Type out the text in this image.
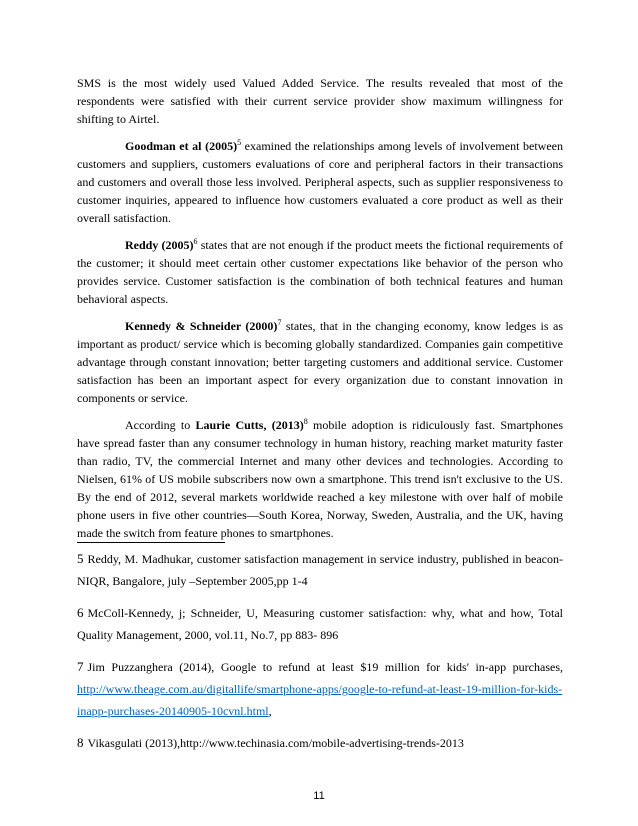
SMS is the most widely used Valued Added Service. The results revealed that most of the respondents were satisfied with their current service provider show maximum willingness for shifting to Airtel.

Goodman et al $(2005)^5$ examined the relationships among levels of involvement between customers and suppliers, customers evaluations of core and peripheral factors in their transactions and customers and overall those less involved. Peripheral aspects, such as supplier responsiveness to customer inquiries, appeared to influence how customers evaluated a core product as well as their overall satisfaction.

Reddy $(2005)^6$ states that are not enough if the product meets the fictional requirements of the customer; it should meet certain other customer expectations like behavior of the person who provides service. Customer satisfaction is the combination of both technical features and human behavioral aspects.

Kennedy & Schneider $(2000)^7$ states, that in the changing economy, know ledges is as important as product/ service which is becoming globally standardized. Companies gain competitive advantage through constant innovation; better targeting customers and additional service. Customer satisfaction has been an important aspect for every organization due to constant innovation in components or service.

According to Laurie Cutts, $(2013)^8$ mobile adoption is ridiculously fast. Smartphones have spread faster than any consumer technology in human history, reaching market maturity faster than radio, TV, the commercial Internet and many other devices and technologies. According to Nielsen, 61% of US mobile subscribers now own a smartphone. This trend isn't exclusive to the US. By the end of 2012, several markets worldwide reached a key milestone with over half of mobile phone users in five other countries—South Korea, Norway, Sweden, Australia, and the UK, having made the switch from feature phones to smartphones.

5 Reddy, M. Madhukar, customer satisfaction management in service industry, published in beacon- NIQR, Bangalore, july –September 2005,pp 1-4

6 McColl-Kennedy, j; Schneider, U, Measuring customer satisfaction: why, what and how, Total Quality Management, 2000, vol.11, No.7, pp 883- 896

7 Jim Puzzanghera (2014), Google to refund at least $19 million for kids' in-app purchases, http://www.theage.com.au/digitallife/smartphone-apps/google-to-refund-at-least-19-million-for-kids-inapp-purchases-20140905-10cvnl.html,

8 Vikasgulati (2013),http://www.techinasia.com/mobile-advertising-trends-2013

11
